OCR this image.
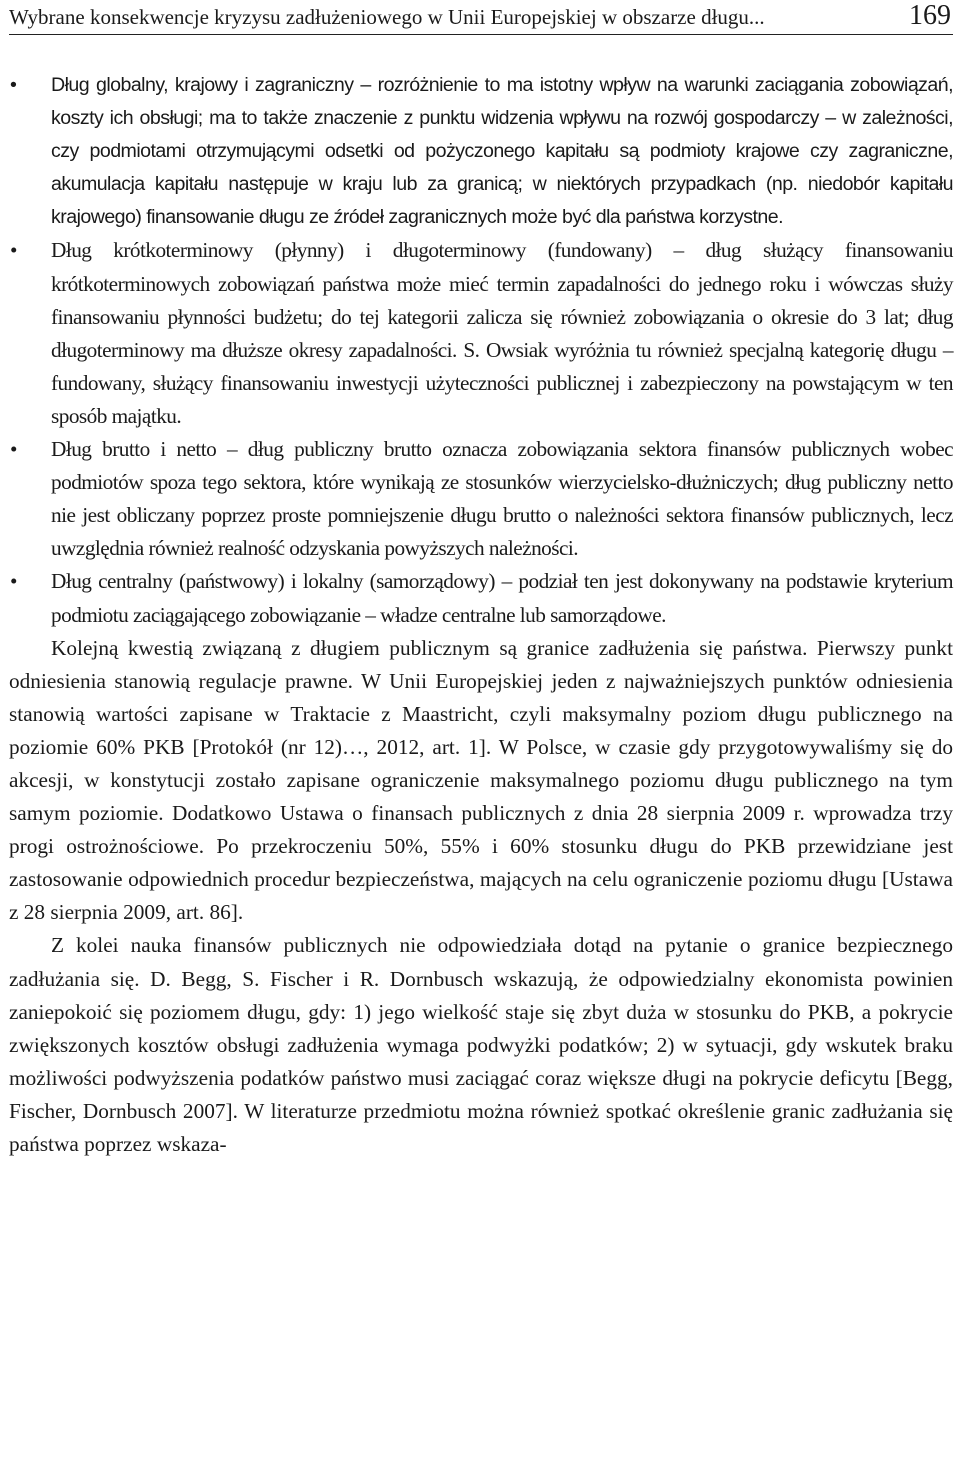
Wybrane konsekwencje kryzysu zadłużeniowego w Unii Europejskiej w obszarze długu...	169
• Dług globalny, krajowy i zagraniczny – rozróżnienie to ma istotny wpływ na warunki zaciągania zobowiązań, koszty ich obsługi; ma to także znaczenie z punktu widzenia wpływu na rozwój gospodarczy – w zależności, czy podmiotami otrzymującymi odsetki od pożyczonego kapitału są podmioty krajowe czy zagraniczne, akumulacja kapitału następuje w kraju lub za granicą; w niektórych przypadkach (np. niedobór kapitału krajowego) finansowanie długu ze źródeł zagranicznych może być dla państwa korzystne.
• Dług krótkoterminowy (płynny) i długoterminowy (fundowany) – dług służący finansowaniu krótkoterminowych zobowiązań państwa może mieć termin zapadalności do jednego roku i wówczas służy finansowaniu płynności budżetu; do tej kategorii zalicza się również zobowiązania o okresie do 3 lat; dług długoterminowy ma dłuższe okresy zapadalności. S. Owsiak wyróżnia tu również specjalną kategorię długu – fundowany, służący finansowaniu inwestycji użyteczności publicznej i zabezpieczony na powstającym w ten sposób majątku.
• Dług brutto i netto – dług publiczny brutto oznacza zobowiązania sektora finansów publicznych wobec podmiotów spoza tego sektora, które wynikają ze stosunków wierzycielsko-dłużniczych; dług publiczny netto nie jest obliczany poprzez proste pomniejszenie długu brutto o należności sektora finansów publicznych, lecz uwzględnia również realność odzyskania powyższych należności.
• Dług centralny (państwowy) i lokalny (samorządowy) – podział ten jest dokonywany na podstawie kryterium podmiotu zaciągającego zobowiązanie – władze centralne lub samorządowe.

Kolejną kwestią związaną z długiem publicznym są granice zadłużenia się państwa. Pierwszy punkt odniesienia stanowią regulacje prawne. W Unii Europejskiej jeden z najważniejszych punktów odniesienia stanowią wartości zapisane w Traktacie z Maastricht, czyli maksymalny poziom długu publicznego na poziomie 60% PKB [Protokół (nr 12)…, 2012, art. 1]. W Polsce, w czasie gdy przygotowywaliśmy się do akcesji, w konstytucji zostało zapisane ograniczenie maksymalnego poziomu długu publicznego na tym samym poziomie. Dodatkowo Ustawa o finansach publicznych z dnia 28 sierpnia 2009 r. wprowadza trzy progi ostrożnościowe. Po przekroczeniu 50%, 55% i 60% stosunku długu do PKB przewidziane jest zastosowanie odpowiednich procedur bezpieczeństwa, mających na celu ograniczenie poziomu długu [Ustawa z 28 sierpnia 2009, art. 86].

Z kolei nauka finansów publicznych nie odpowiedziała dotąd na pytanie o granice bezpiecznego zadłużania się. D. Begg, S. Fischer i R. Dornbusch wskazują, że odpowiedzialny ekonomista powinien zaniepokoić się poziomem długu, gdy: 1) jego wielkość staje się zbyt duża w stosunku do PKB, a pokrycie zwiększonych kosztów obsługi zadłużenia wymaga podwyżki podatków; 2) w sytuacji, gdy wskutek braku możliwości podwyższenia podatków państwo musi zaciągać coraz większe długi na pokrycie deficytu [Begg, Fischer, Dornbusch 2007]. W literaturze przedmiotu można również spotkać określenie granic zadłużania się państwa poprzez wskaza-
